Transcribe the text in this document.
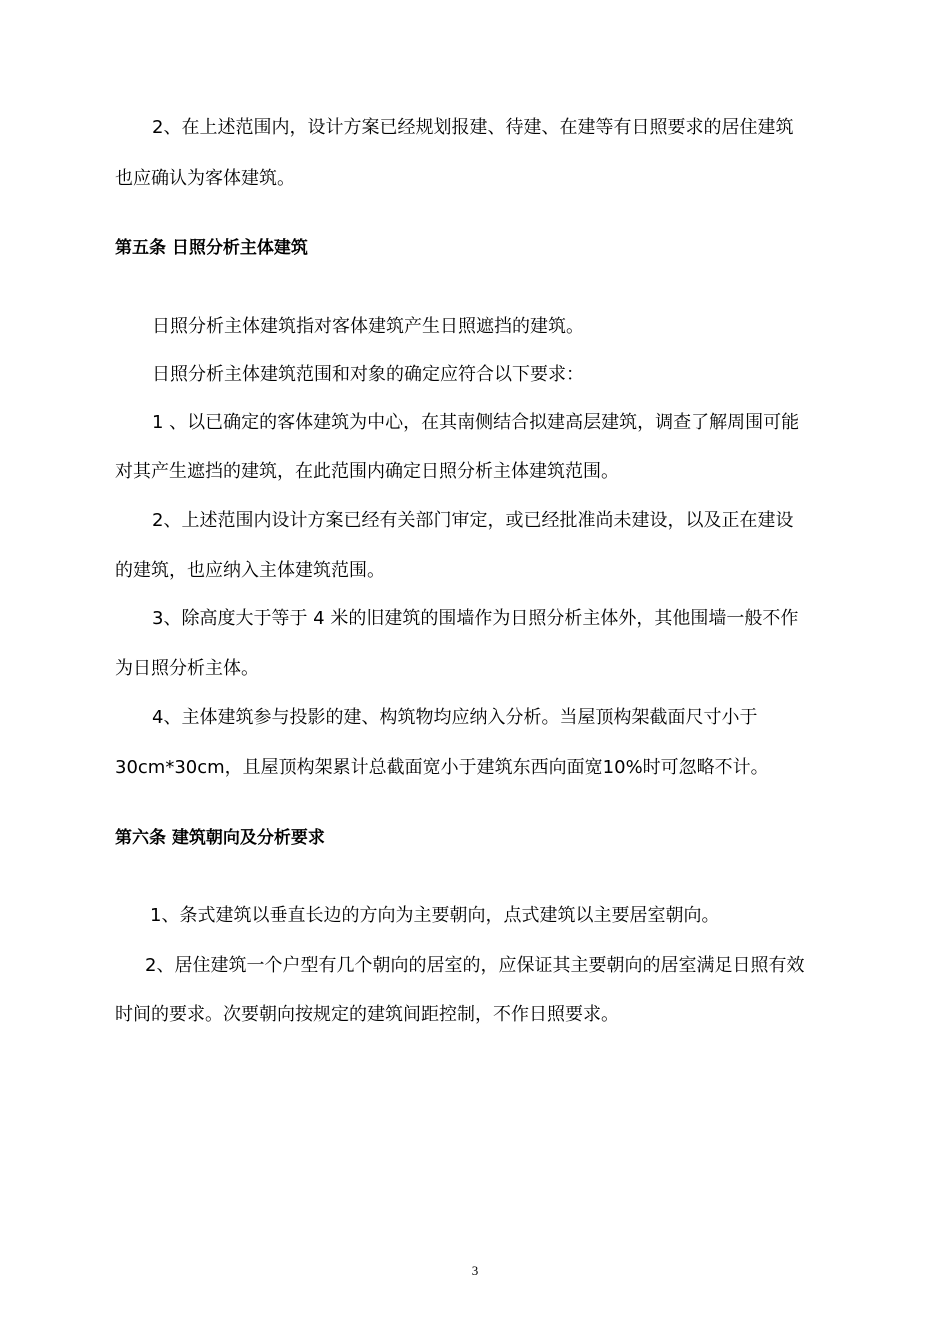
2、在上述范围内，设计方案已经规划报建、待建、在建等有日照要求的居住建筑

也应确认为客体建筑。

第五条 日照分析主体建筑

日照分析主体建筑指对客体建筑产生日照遮挡的建筑。

日照分析主体建筑范围和对象的确定应符合以下要求：

1 、以已确定的客体建筑为中心，在其南侧结合拟建高层建筑，调查了解周围可能

对其产生遮挡的建筑，在此范围内确定日照分析主体建筑范围。

2、上述范围内设计方案已经有关部门审定，或已经批准尚未建设，以及正在建设

的建筑，也应纳入主体建筑范围。

3、除高度大于等于 4 米的旧建筑的围墙作为日照分析主体外，其他围墙一般不作

为日照分析主体。

4、主体建筑参与投影的建、构筑物均应纳入分析。当屋顶构架截面尺寸小于

30cm*30cm，且屋顶构架累计总截面宽小于建筑东西向面宽10%时可忽略不计。

第六条 建筑朝向及分析要求

1、条式建筑以垂直长边的方向为主要朝向，点式建筑以主要居室朝向。

2、居住建筑一个户型有几个朝向的居室的，应保证其主要朝向的居室满足日照有效

时间的要求。次要朝向按规定的建筑间距控制，不作日照要求。

3
